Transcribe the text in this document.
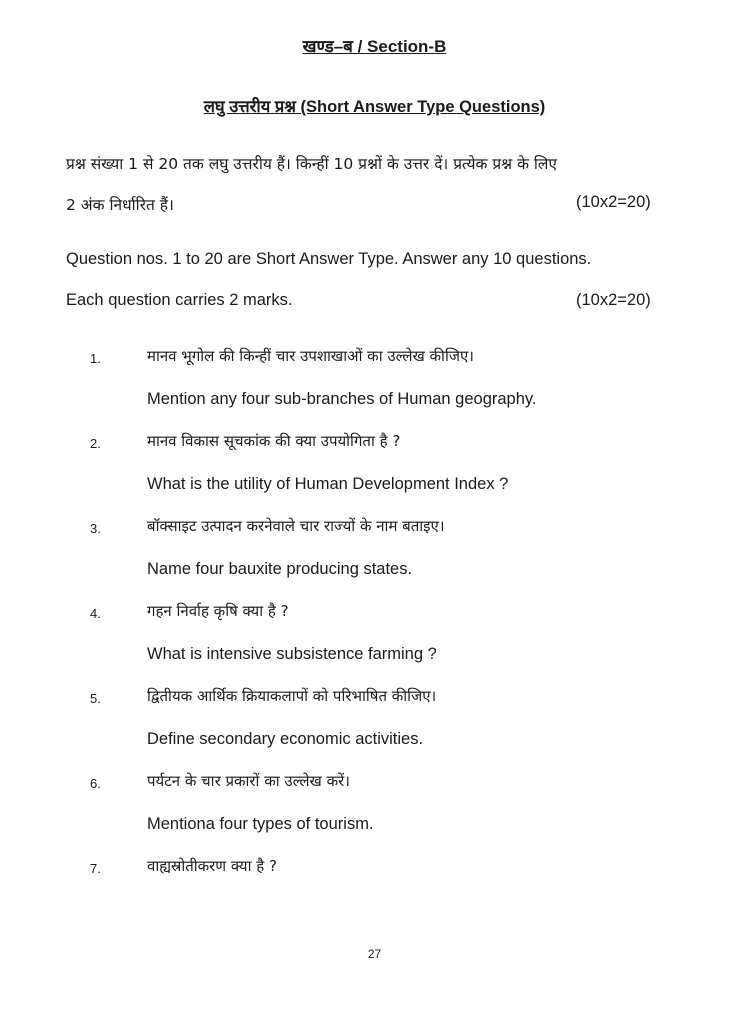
खण्ड–ब / Section-B
लघु उत्तरीय प्रश्न (Short Answer Type Questions)
प्रश्न संख्या 1 से 20 तक लघु उत्तरीय हैं। किन्हीं 10 प्रश्नों के उत्तर दें। प्रत्येक प्रश्न के लिए
2 अंक निर्धारित हैं।	(10x2=20)
Question nos. 1 to 20 are Short Answer Type. Answer any 10 questions.
Each question carries 2 marks.	(10x2=20)
1.	मानव भूगोल की किन्हीं चार उपशाखाओं का उल्लेख कीजिए।
Mention any four sub-branches of Human geography.
2.	मानव विकास सूचकांक की क्या उपयोगिता है ?
What is the utility of Human Development Index ?
3.	बॉक्साइट उत्पादन करनेवाले चार राज्यों के नाम बताइए।
Name four bauxite producing states.
4.	गहन निर्वाह कृषि क्या है ?
What is intensive subsistence farming ?
5.	द्वितीयक आर्थिक क्रियाकलापों को परिभाषित कीजिए।
Define secondary economic activities.
6.	पर्यटन के चार प्रकारों का उल्लेख करें।
Mentiona four types of tourism.
7.	वाह्यस्रोतीकरण क्या है ?
27
